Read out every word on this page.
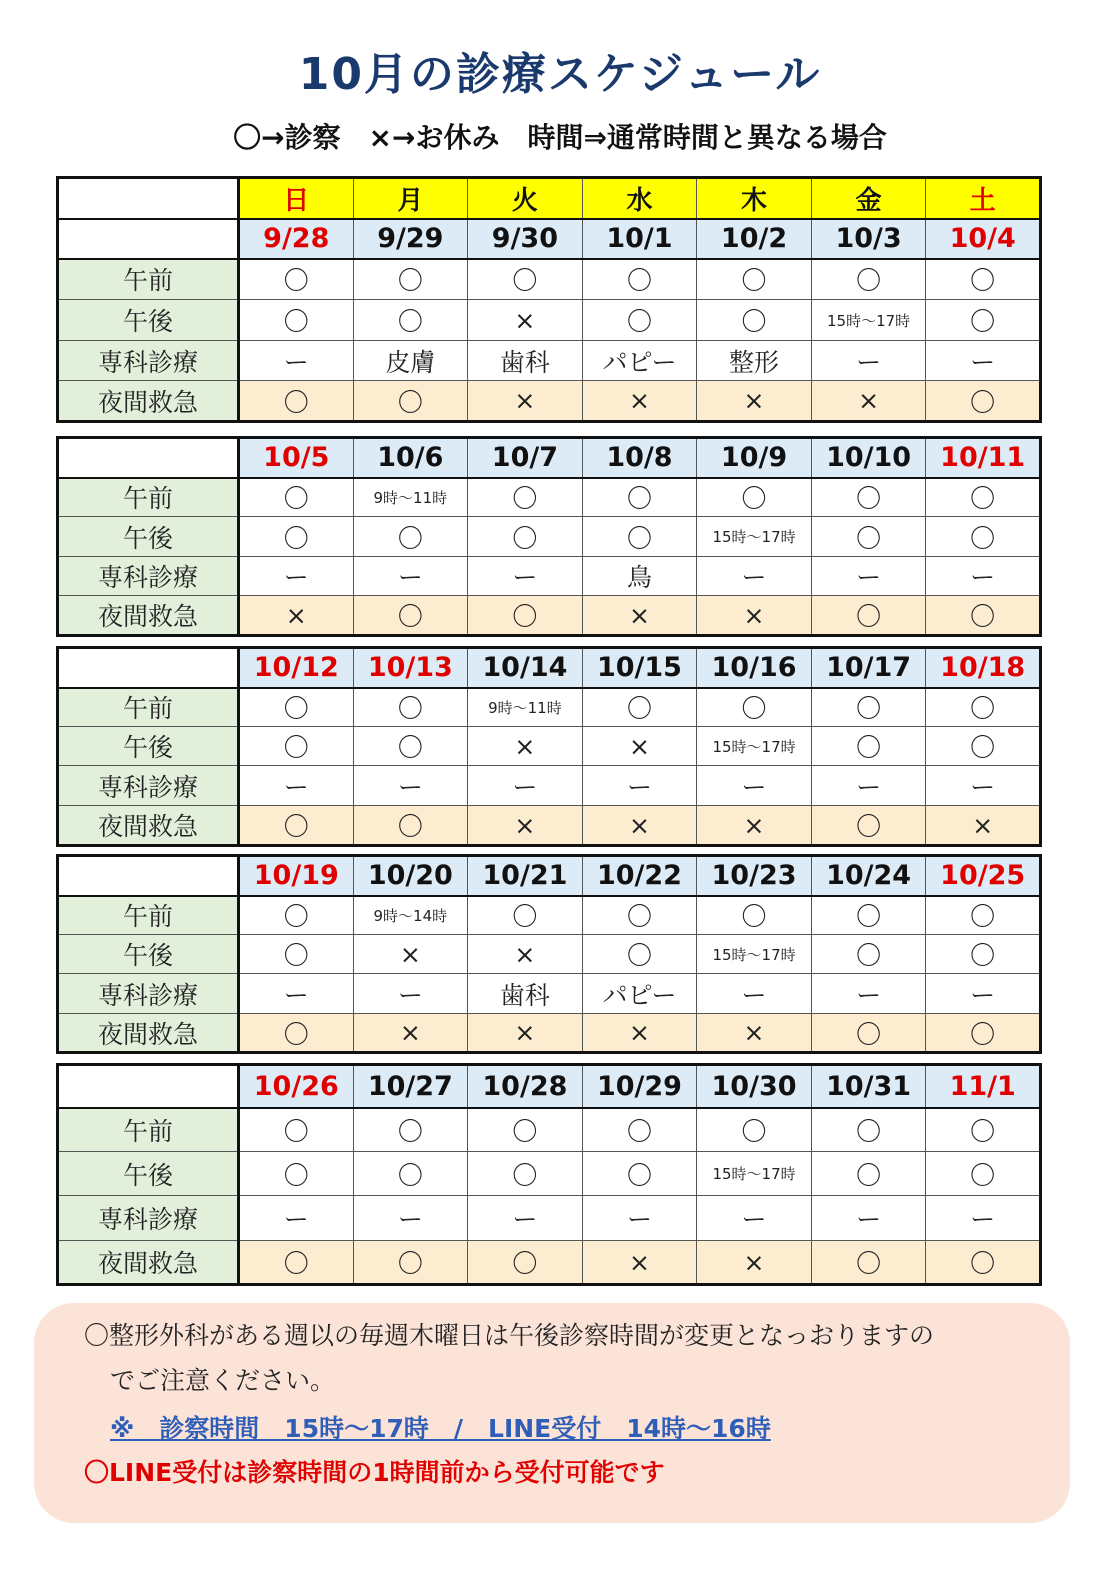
10月の診療スケジュール
〇→診察　×→お休み　時間⇒通常時間と異なる場合
	日	月	火	水	木	金	土
	9/28	9/29	9/30	10/1	10/2	10/3	10/4
午前	〇	〇	〇	〇	〇	〇	〇
午後	〇	〇	×	〇	〇	15時～17時	〇
専科診療	ー	皮膚	歯科	パピー	整形	ー	ー
夜間救急	〇	〇	×	×	×	×	〇
	10/5	10/6	10/7	10/8	10/9	10/10	10/11
午前	〇	9時～11時	〇	〇	〇	〇	〇
午後	〇	〇	〇	〇	15時～17時	〇	〇
専科診療	ー	ー	ー	鳥	ー	ー	ー
夜間救急	×	〇	〇	×	×	〇	〇
	10/12	10/13	10/14	10/15	10/16	10/17	10/18
午前	〇	〇	9時～11時	〇	〇	〇	〇
午後	〇	〇	×	×	15時～17時	〇	〇
専科診療	ー	ー	ー	ー	ー	ー	ー
夜間救急	〇	〇	×	×	×	〇	×
	10/19	10/20	10/21	10/22	10/23	10/24	10/25
午前	〇	9時～14時	〇	〇	〇	〇	〇
午後	〇	×	×	〇	15時～17時	〇	〇
専科診療	ー	ー	歯科	パピー	ー	ー	ー
夜間救急	〇	×	×	×	×	〇	〇
	10/26	10/27	10/28	10/29	10/30	10/31	11/1
午前	〇	〇	〇	〇	〇	〇	〇
午後	〇	〇	〇	〇	15時～17時	〇	〇
専科診療	ー	ー	ー	ー	ー	ー	ー
夜間救急	〇	〇	〇	×	×	〇	〇
〇整形外科がある週以の毎週木曜日は午後診察時間が変更となっおりますの
でご注意ください。
※　診察時間　15時～17時　/　LINE受付　14時～16時
〇LINE受付は診察時間の1時間前から受付可能です
